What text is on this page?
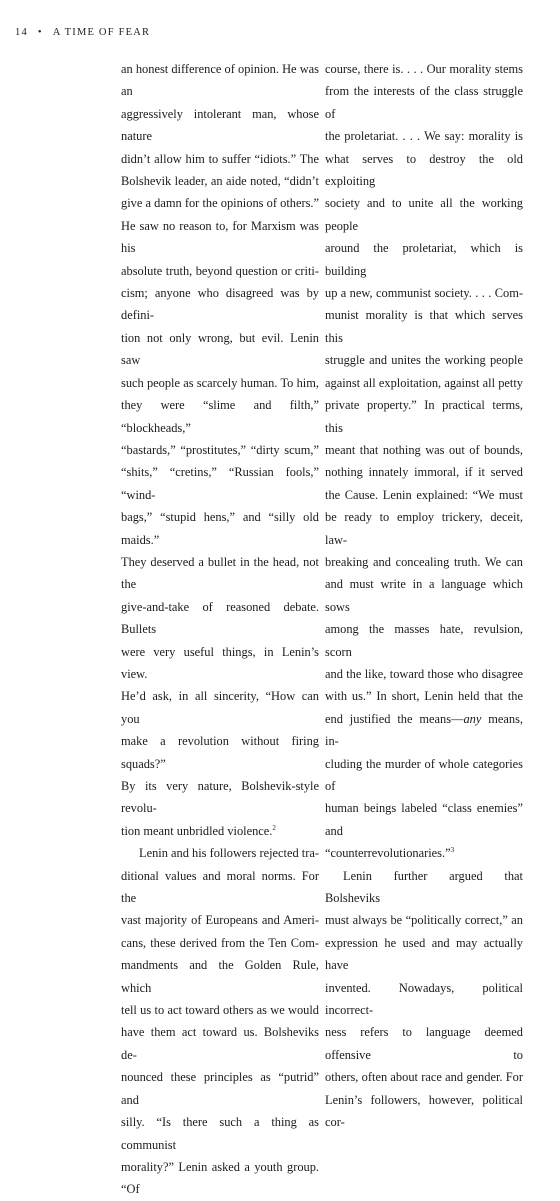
14 • A TIME OF FEAR

an honest difference of opinion. He was an

aggressively intolerant man, whose nature

didn’t allow him to suffer “idiots.” The

Bolshevik leader, an aide noted, “didn’t

give a damn for the opinions of others.”

He saw no reason to, for Marxism was his

absolute truth, beyond question or criti-

cism; anyone who disagreed was by defini-

tion not only wrong, but evil. Lenin saw

such people as scarcely human. To him,

they were “slime and filth,” “blockheads,”

“bastards,” “prostitutes,” “dirty scum,”

“shits,” “cretins,” “Russian fools,” “wind-

bags,” “stupid hens,” and “silly old maids.”

They deserved a bullet in the head, not the

give-and-take of reasoned debate. Bullets

were very useful things, in Lenin’s view.

He’d ask, in all sincerity, “How can you

make a revolution without firing squads?”

By its very nature, Bolshevik-style revolu-

tion meant unbridled violence.$^2$

Lenin and his followers rejected tra-

ditional values and moral norms. For the

vast majority of Europeans and Ameri-

cans, these derived from the Ten Com-

mandments and the Golden Rule, which

tell us to act toward others as we would

have them act toward us. Bolsheviks de-

nounced these principles as “putrid” and

silly. “Is there such a thing as communist

morality?” Lenin asked a youth group. “Of

course, there is. . . . Our morality stems

from the interests of the class struggle of

the proletariat. . . . We say: morality is

what serves to destroy the old exploiting

society and to unite all the working people

around the proletariat, which is building

up a new, communist society. . . . Com-

munist morality is that which serves this

struggle and unites the working people

against all exploitation, against all petty

private property.” In practical terms, this

meant that nothing was out of bounds,

nothing innately immoral, if it served

the Cause. Lenin explained: “We must

be ready to employ trickery, deceit, law-

breaking and concealing truth. We can

and must write in a language which sows

among the masses hate, revulsion, scorn

and the like, toward those who disagree

with us.” In short, Lenin held that the

end justified the means—any means, in-

cluding the murder of whole categories of

human beings labeled “class enemies” and

“counterrevolutionaries.”$^3$

Lenin further argued that Bolsheviks

must always be “politically correct,” an

expression he used and may actually have

invented. Nowadays, political incorrect-

ness refers to language deemed offensive to

others, often about race and gender. For

Lenin’s followers, however, political cor-
